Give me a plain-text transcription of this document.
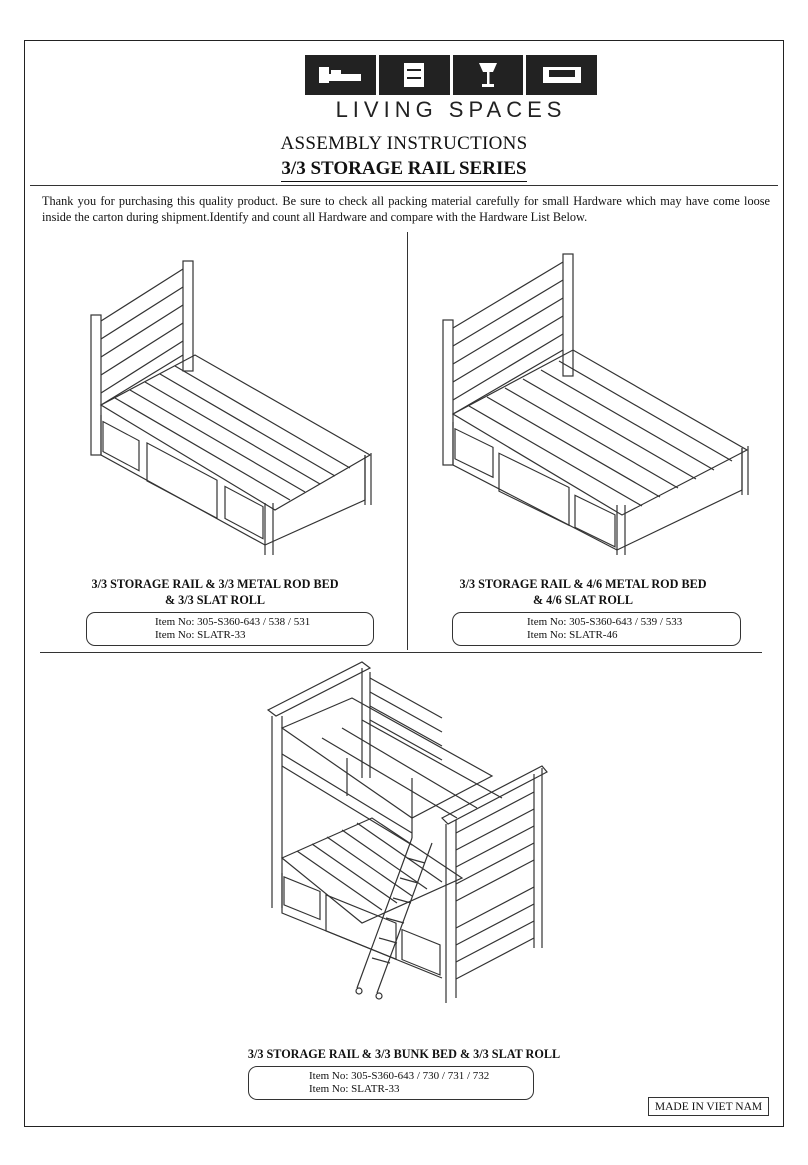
LIVING SPACES
ASSEMBLY INSTRUCTIONS
3/3 STORAGE RAIL SERIES
Thank you for purchasing this quality product. Be sure to check all packing material carefully for small Hardware which may have come loose inside the carton during shipment.Identify and count all Hardware and compare with the Hardware List Below.
3/3 STORAGE RAIL & 3/3 METAL ROD BED
& 3/3 SLAT ROLL
Item No: 305-S360-643 / 538 / 531
Item No: SLATR-33
3/3 STORAGE RAIL & 4/6 METAL ROD BED
& 4/6 SLAT ROLL
Item No: 305-S360-643 / 539 / 533
Item No: SLATR-46
3/3 STORAGE RAIL & 3/3 BUNK BED & 3/3 SLAT ROLL
Item No: 305-S360-643 / 730 / 731 / 732
Item No: SLATR-33
MADE IN VIET NAM
